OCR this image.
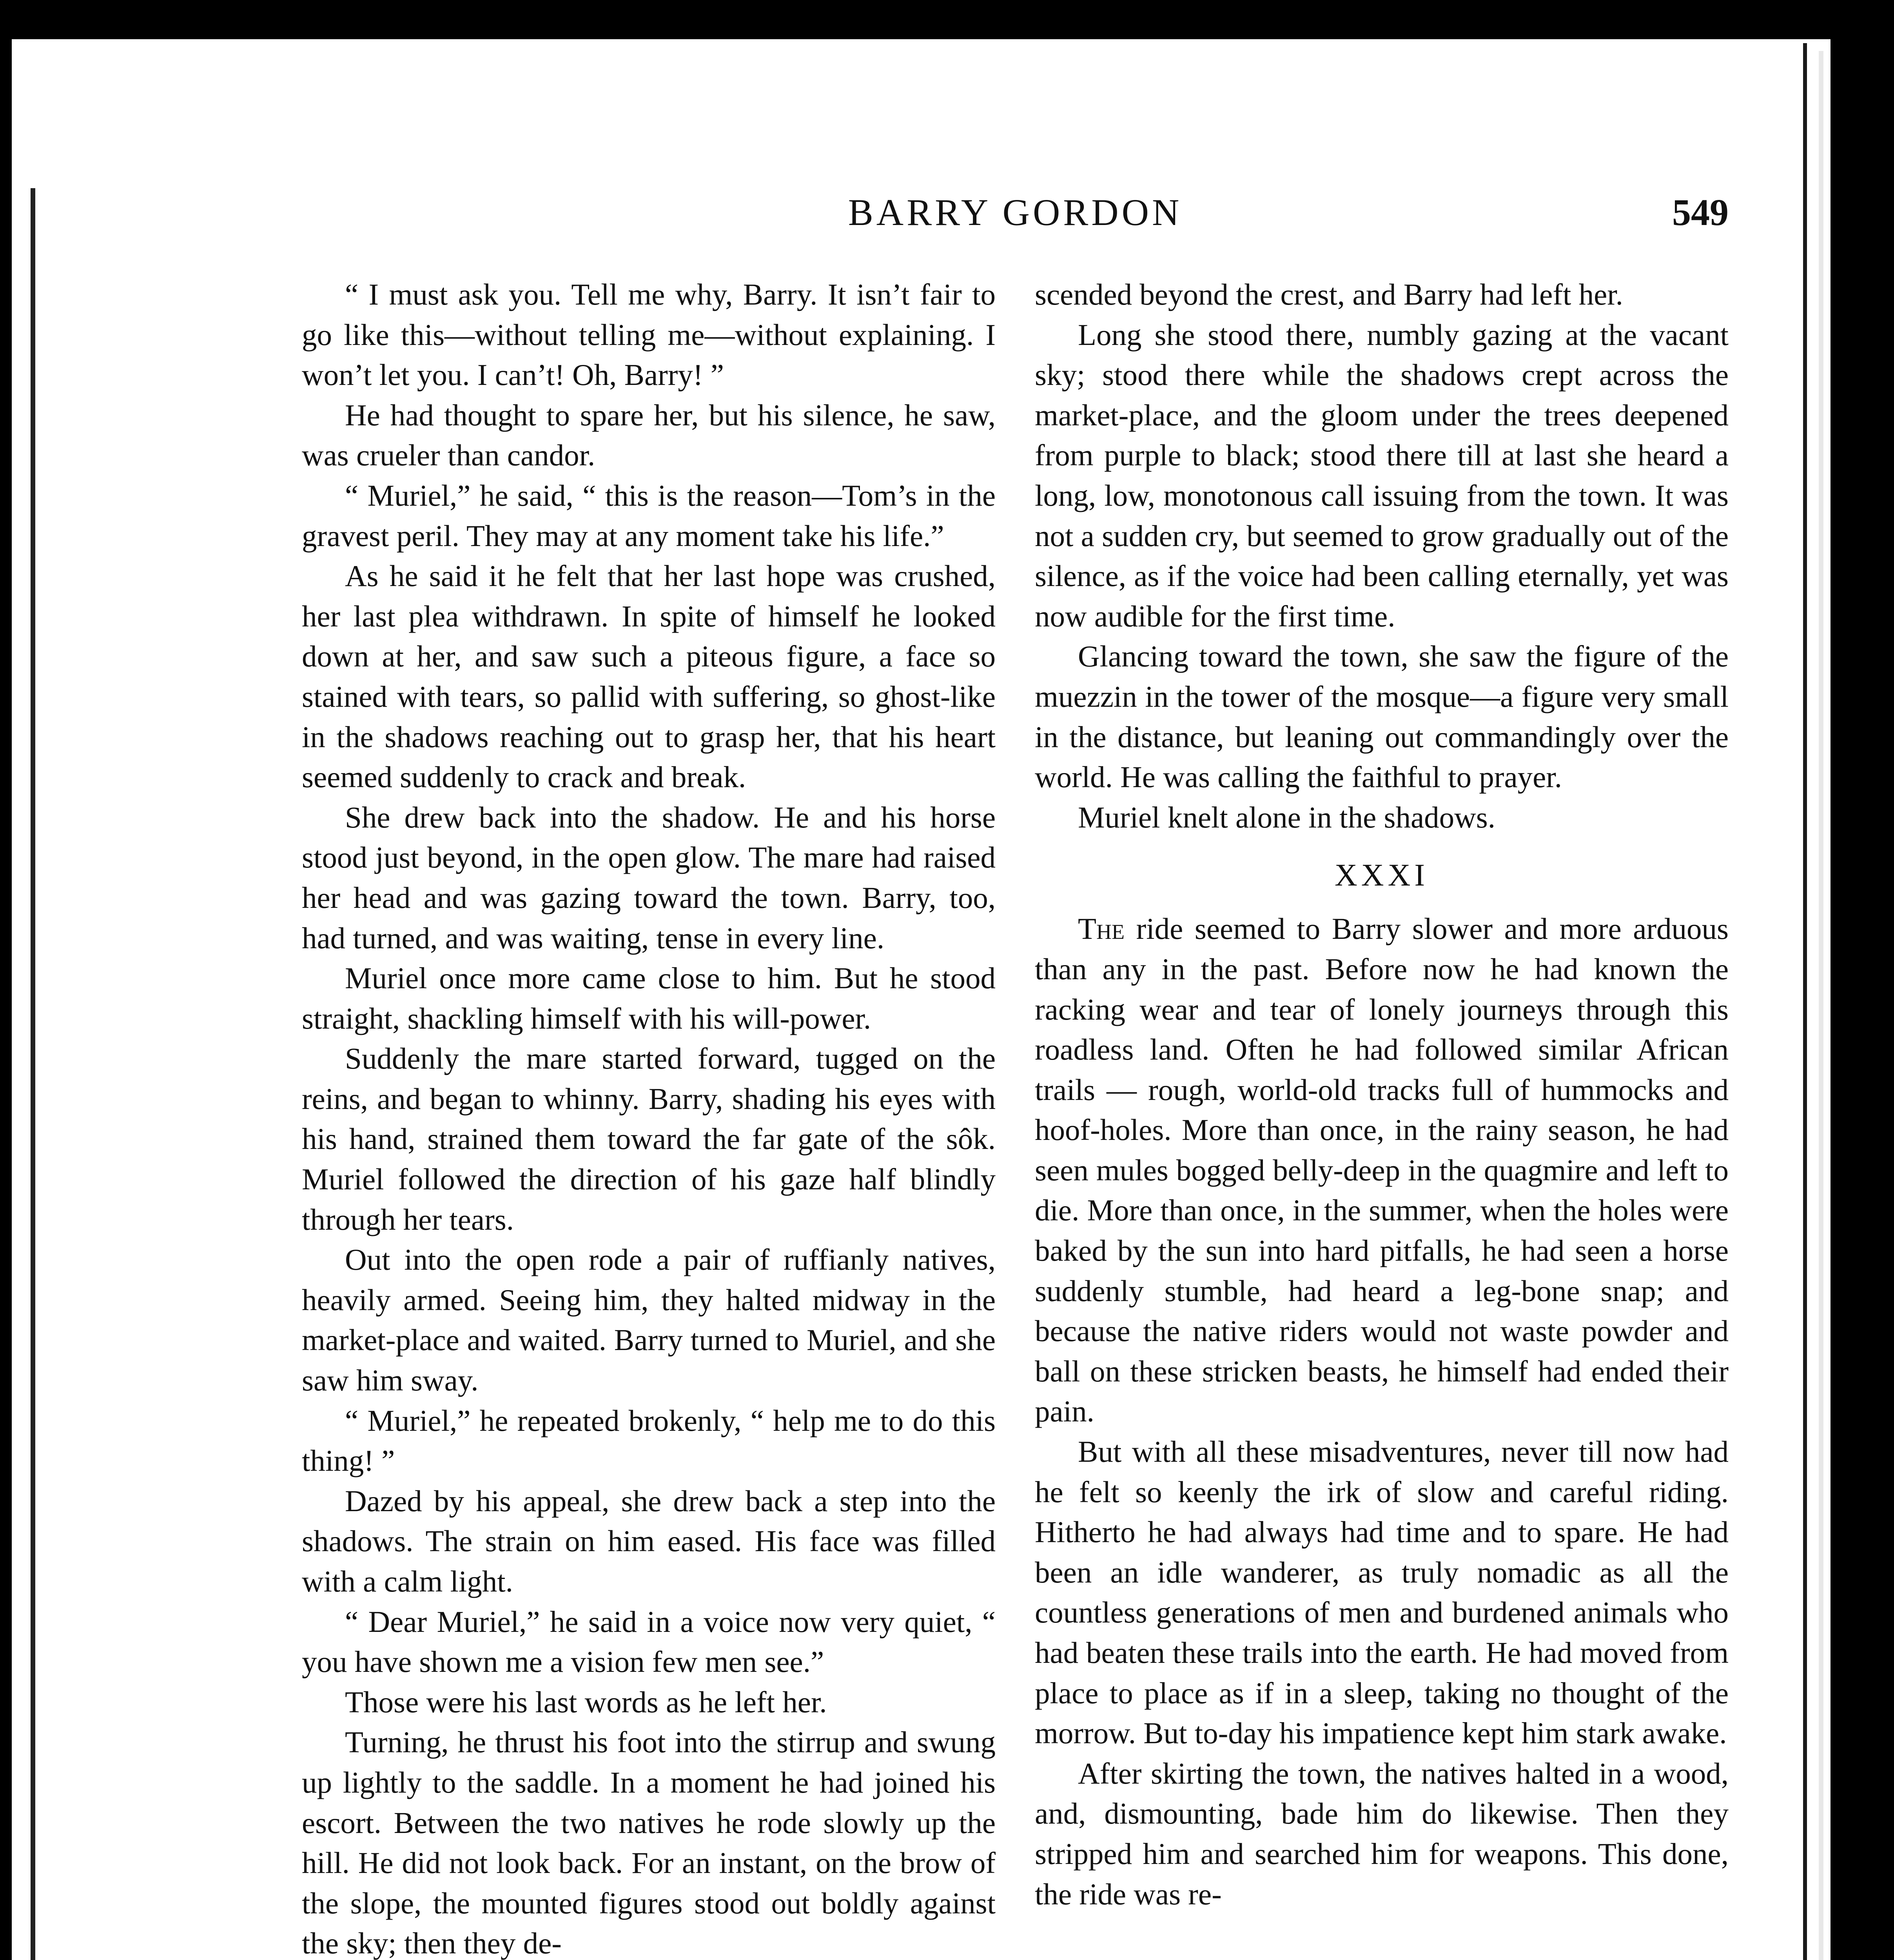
BARRY GORDON	549

“ I must ask you. Tell me why, Barry. It isn’t fair to go like this—without telling me—without explaining. I won’t let you. I can’t! Oh, Barry! ”

He had thought to spare her, but his silence, he saw, was crueler than candor.

“ Muriel,” he said, “ this is the reason—Tom’s in the gravest peril. They may at any moment take his life.”

As he said it he felt that her last hope was crushed, her last plea withdrawn. In spite of himself he looked down at her, and saw such a piteous figure, a face so stained with tears, so pallid with suffering, so ghost-like in the shadows reaching out to grasp her, that his heart seemed suddenly to crack and break.

She drew back into the shadow. He and his horse stood just beyond, in the open glow. The mare had raised her head and was gazing toward the town. Barry, too, had turned, and was waiting, tense in every line.

Muriel once more came close to him. But he stood straight, shackling himself with his will-power.

Suddenly the mare started forward, tugged on the reins, and began to whinny. Barry, shading his eyes with his hand, strained them toward the far gate of the sôk. Muriel followed the direction of his gaze half blindly through her tears.

Out into the open rode a pair of ruffianly natives, heavily armed. Seeing him, they halted midway in the market-place and waited. Barry turned to Muriel, and she saw him sway.

“ Muriel,” he repeated brokenly, “ help me to do this thing! ”

Dazed by his appeal, she drew back a step into the shadows. The strain on him eased. His face was filled with a calm light.

“ Dear Muriel,” he said in a voice now very quiet, “ you have shown me a vision few men see.”

Those were his last words as he left her.

Turning, he thrust his foot into the stirrup and swung up lightly to the saddle. In a moment he had joined his escort. Between the two natives he rode slowly up the hill. He did not look back. For an instant, on the brow of the slope, the mounted figures stood out boldly against the sky; then they de-

scended beyond the crest, and Barry had left her.

Long she stood there, numbly gazing at the vacant sky; stood there while the shadows crept across the market-place, and the gloom under the trees deepened from purple to black; stood there till at last she heard a long, low, monotonous call issuing from the town. It was not a sudden cry, but seemed to grow gradually out of the silence, as if the voice had been calling eternally, yet was now audible for the first time.

Glancing toward the town, she saw the figure of the muezzin in the tower of the mosque—a figure very small in the distance, but leaning out commandingly over the world. He was calling the faithful to prayer.

Muriel knelt alone in the shadows.

XXXI

The ride seemed to Barry slower and more arduous than any in the past. Before now he had known the racking wear and tear of lonely journeys through this roadless land. Often he had followed similar African trails — rough, world-old tracks full of hummocks and hoof-holes. More than once, in the rainy season, he had seen mules bogged belly-deep in the quagmire and left to die. More than once, in the summer, when the holes were baked by the sun into hard pitfalls, he had seen a horse suddenly stumble, had heard a leg-bone snap; and because the native riders would not waste powder and ball on these stricken beasts, he himself had ended their pain.

But with all these misadventures, never till now had he felt so keenly the irk of slow and careful riding. Hitherto he had always had time and to spare. He had been an idle wanderer, as truly nomadic as all the countless generations of men and burdened animals who had beaten these trails into the earth. He had moved from place to place as if in a sleep, taking no thought of the morrow. But to-day his impatience kept him stark awake.

After skirting the town, the natives halted in a wood, and, dismounting, bade him do likewise. Then they stripped him and searched him for weapons. This done, the ride was re-
